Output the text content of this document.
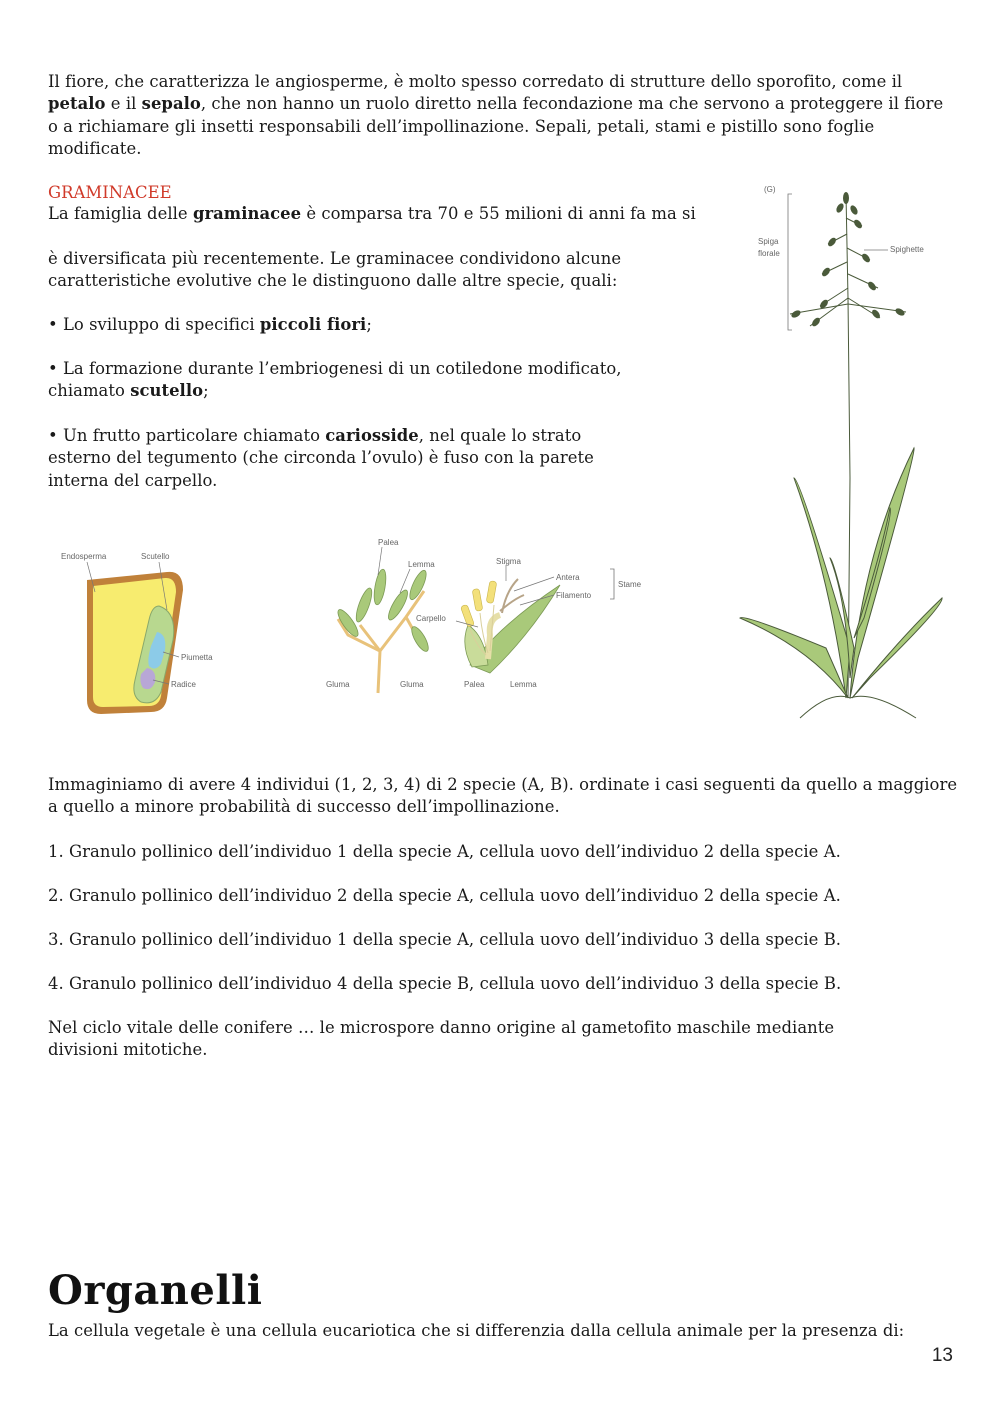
Il fiore, che caratterizza le angiosperme, è molto spesso corredato di strutture dello sporofito, come il petalo e il sepalo, che non hanno un ruolo diretto nella fecondazione ma che servono a proteggere il fiore o a richiamare gli insetti responsabili dell’impollinazione. Sepali, petali, stami e pistillo sono foglie modificate.

GRAMINACEE

La famiglia delle graminacee è comparsa tra 70 e 55 milioni di anni fa ma si

è diversificata più recentemente. Le graminacee condividono alcune caratteristiche evolutive che le distinguono dalle altre specie, quali:

• Lo sviluppo di specifici piccoli fiori;

• La formazione durante l’embriogenesi di un cotiledone modificato, chiamato scutello;

• Un frutto particolare chiamato cariosside, nel quale lo strato esterno del tegumento (che circonda l’ovulo) è fuso con la parete interna del carpello.

Endosperma	Scutello
Piumetta
Radice
Palea
Lemma
Gluma	Gluma
Stigma
Antera
Filamento
Stame
Carpello
Palea	Lemma
(G)
Spiga
florale	Spighette

Immaginiamo di avere 4 individui (1, 2, 3, 4) di 2 specie (A, B). ordinate i casi seguenti da quello a maggiore a quello a minore probabilità di successo dell’impollinazione.

1. Granulo pollinico dell’individuo 1 della specie A, cellula uovo dell’individuo 2 della specie A.

2. Granulo pollinico dell’individuo 2 della specie A, cellula uovo dell’individuo 2 della specie A.

3. Granulo pollinico dell’individuo 1 della specie A, cellula uovo dell’individuo 3 della specie B.

4. Granulo pollinico dell’individuo 4 della specie B, cellula uovo dell’individuo 3 della specie B.

Nel ciclo vitale delle conifere … le microspore danno origine al gametofito maschile mediante divisioni mitotiche.

Organelli

La cellula vegetale è una cellula eucariotica che si differenzia dalla cellula animale per la presenza di:

13
